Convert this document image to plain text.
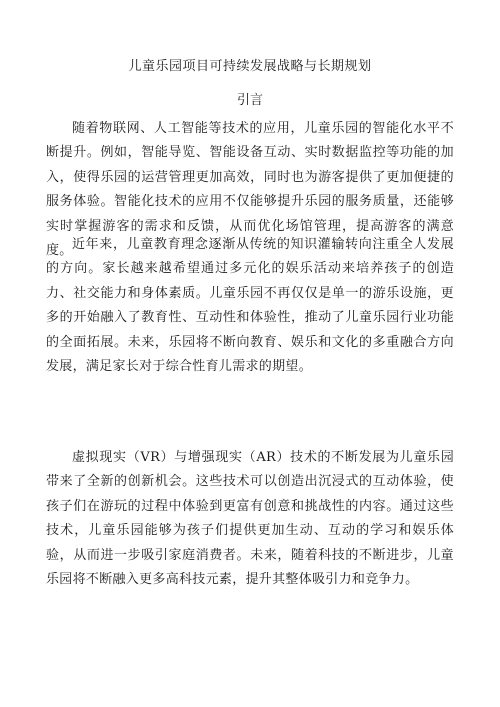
儿童乐园项目可持续发展战略与长期规划
引言

随着物联网、人工智能等技术的应用，儿童乐园的智能化水平不断提升。例如，智能导览、智能设备互动、实时数据监控等功能的加入，使得乐园的运营管理更加高效，同时也为游客提供了更加便捷的服务体验。智能化技术的应用不仅能够提升乐园的服务质量，还能够实时掌握游客的需求和反馈，从而优化场馆管理，提高游客的满意度。 近年来，儿童教育理念逐渐从传统的知识灌输转向注重全人发展的方向。家长越来越希望通过多元化的娱乐活动来培养孩子的创造力、社交能力和身体素质。儿童乐园不再仅仅是单一的游乐设施，更多的开始融入了教育性、互动性和体验性，推动了儿童乐园行业功能的全面拓展。未来，乐园将不断向教育、娱乐和文化的多重融合方向发展，满足家长对于综合性育儿需求的期望。

虚拟现实（VR）与增强现实（AR）技术的不断发展为儿童乐园带来了全新的创新机会。这些技术可以创造出沉浸式的互动体验，使孩子们在游玩的过程中体验到更富有创意和挑战性的内容。通过这些技术，儿童乐园能够为孩子们提供更加生动、互动的学习和娱乐体验，从而进一步吸引家庭消费者。未来，随着科技的不断进步，儿童乐园将不断融入更多高科技元素，提升其整体吸引力和竞争力。
